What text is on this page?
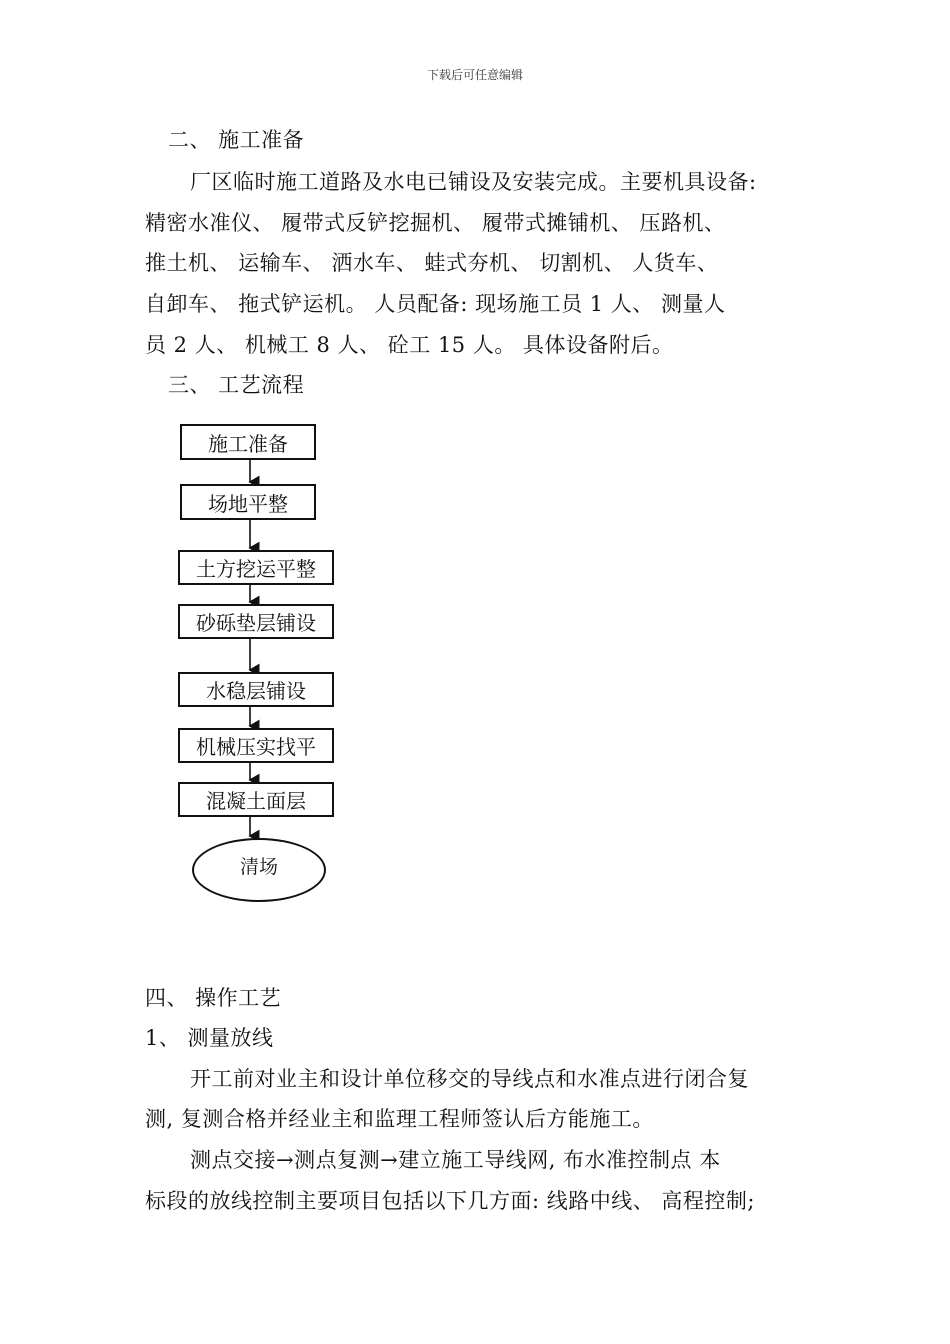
下载后可任意编辑
二、 施工准备
厂区临时施工道路及水电已铺设及安装完成。主要机具设备:
精密水准仪、 履带式反铲挖掘机、 履带式摊铺机、 压路机、
推土机、 运输车、 洒水车、 蛙式夯机、 切割机、 人货车、
自卸车、 拖式铲运机。 人员配备: 现场施工员 1 人、 测量人
员 2 人、 机械工 8 人、 砼工 15 人。 具体设备附后。
三、 工艺流程
施工准备
场地平整
土方挖运平整
砂砾垫层铺设
水稳层铺设
机械压实找平
混凝土面层
清场
四、 操作工艺
1、 测量放线
开工前对业主和设计单位移交的导线点和水准点进行闭合复
测, 复测合格并经业主和监理工程师签认后方能施工。
测点交接→测点复测→建立施工导线网, 布水准控制点 本
标段的放线控制主要项目包括以下几方面: 线路中线、 高程控制;
